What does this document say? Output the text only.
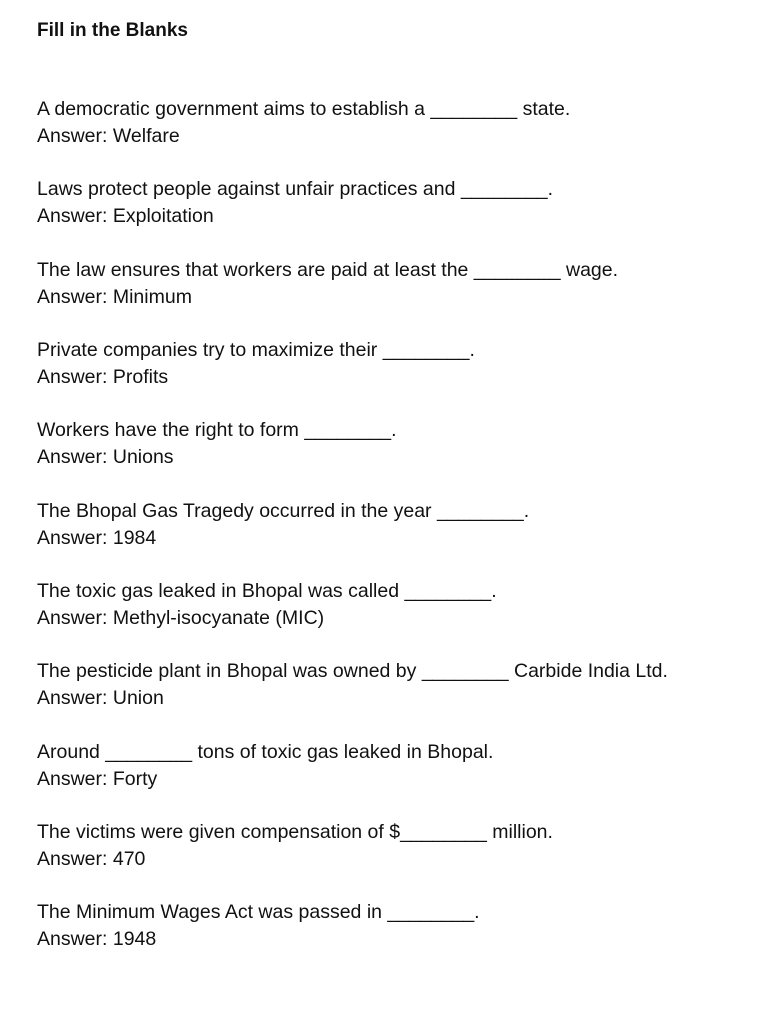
Fill in the Blanks
A democratic government aims to establish a ________ state.
Answer: Welfare
Laws protect people against unfair practices and ________.
Answer: Exploitation
The law ensures that workers are paid at least the ________ wage.
Answer: Minimum
Private companies try to maximize their ________.
Answer: Profits
Workers have the right to form ________.
Answer: Unions
The Bhopal Gas Tragedy occurred in the year ________.
Answer: 1984
The toxic gas leaked in Bhopal was called ________.
Answer: Methyl-isocyanate (MIC)
The pesticide plant in Bhopal was owned by ________ Carbide India Ltd.
Answer: Union
Around ________ tons of toxic gas leaked in Bhopal.
Answer: Forty
The victims were given compensation of $________ million.
Answer: 470
The Minimum Wages Act was passed in ________.
Answer: 1948
